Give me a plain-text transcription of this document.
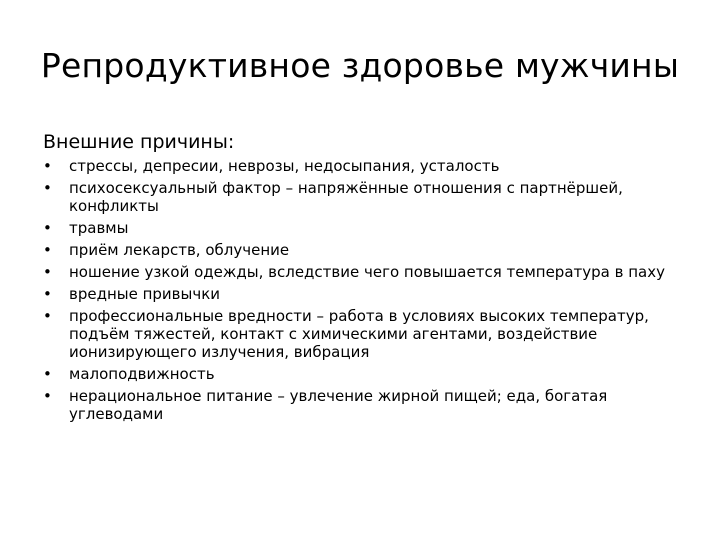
Репродуктивное здоровье мужчины
Внешние причины:
•	стрессы, депресии, неврозы, недосыпания, усталость
•	психосексуальный фактор – напряжённые отношения с партнёршей, конфликты
•	травмы
•	приём лекарств, облучение
•	ношение узкой одежды, вследствие чего повышается температура в паху
•	вредные привычки
•	профессиональные вредности – работа в условиях высоких температур, подъём тяжестей, контакт с химическими агентами, воздействие ионизирующего излучения, вибрация
•	малоподвижность
•	нерациональное питание – увлечение жирной пищей; еда, богатая углеводами
